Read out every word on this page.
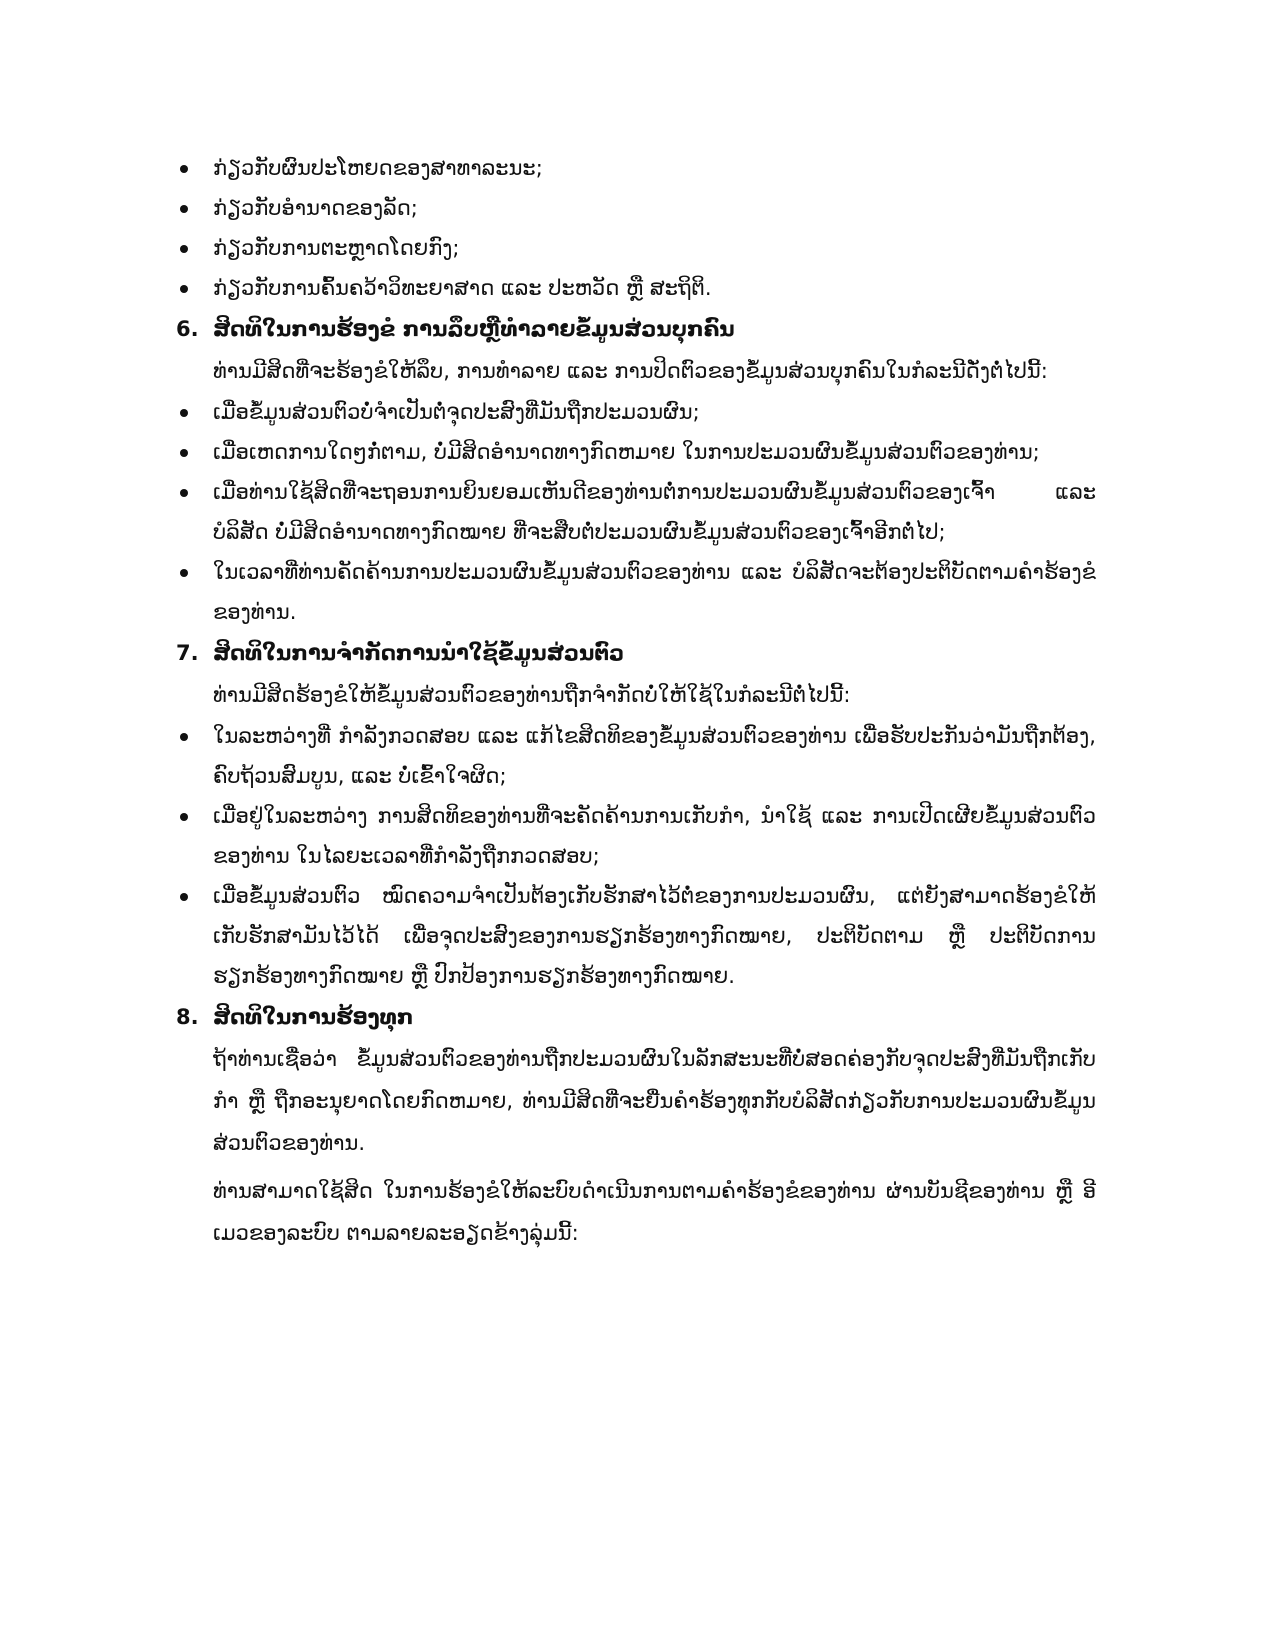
ກ່ຽວກັບຜົນປະໂຫຍດຂອງສາທາລະນະ;

ກ່ຽວກັບອຳນາດຂອງລັດ;

ກ່ຽວກັບການຕະຫຼາດໂດຍກົງ;

ກ່ຽວກັບການຄົ້ນຄວ້າວິທະຍາສາດ ແລະ ປະຫວັດ ຫຼື ສະຖິຕິ.

6. ສິດທິໃນການຮ້ອງຂໍ ການລຶບຫຼືທຳລາຍຂໍ້ມູນສ່ວນບຸກຄົນ

ທ່ານມີສິດທີ່ຈະຮ້ອງຂໍໃຫ້ລຶບ, ການທຳລາຍ ແລະ ການປິດຕົວຂອງຂໍ້ມູນສ່ວນບຸກຄົນໃນກໍລະນີດັ່ງຕໍ່ໄປນີ້:

ເມື່ອຂໍ້ມູນສ່ວນຕົວບໍ່ຈຳເປັນຕໍ່ຈຸດປະສົງທີ່ມັນຖືກປະມວນຜົນ;

ເມື່ອເຫດການໃດໆກໍ່ຕາມ, ບໍ່ມີສິດອຳນາດທາງກົດຫມາຍ ໃນການປະມວນຜົນຂໍ້ມູນສ່ວນຕົວຂອງທ່ານ;

ເມື່ອທ່ານໃຊ້ສິດທີ່ຈະຖອນການຍິນຍອມເຫັນດີຂອງທ່ານຕໍ່ການປະມວນຜົນຂໍ້ມູນສ່ວນຕົວຂອງເຈົ້າ ແລະ ບໍລິສັດ ບໍ່ມີສິດອຳນາດທາງກົດໝາຍ ທີ່ຈະສືບຕໍ່ປະມວນຜົນຂໍ້ມູນສ່ວນຕົວຂອງເຈົ້າອີກຕໍ່ໄປ;

ໃນເວລາທີ່ທ່ານຄັດຄ້ານການປະມວນຜົນຂໍ້ມູນສ່ວນຕົວຂອງທ່ານ ແລະ ບໍລິສັດຈະຕ້ອງປະຕິບັດຕາມຄຳຮ້ອງຂໍຂອງທ່ານ.

7. ສິດທິໃນການຈຳກັດການນຳໃຊ້ຂໍ້ມູນສ່ວນຕົວ

ທ່ານມີສິດຮ້ອງຂໍໃຫ້ຂໍ້ມູນສ່ວນຕົວຂອງທ່ານຖືກຈຳກັດບໍ່ໃຫ້ໃຊ້ໃນກໍລະນີຕໍ່ໄປນີ້:

ໃນລະຫວ່າງທີ່ ກຳລັງກວດສອບ ແລະ ແກ້ໄຂສິດທິຂອງຂໍ້ມູນສ່ວນຕົວຂອງທ່ານ ເພື່ອຮັບປະກັນວ່າມັນຖືກຕ້ອງ, ຄົບຖ້ວນສົມບູນ, ແລະ ບໍ່ເຂົ້າໃຈຜິດ;

ເມື່ອຢູ່ໃນລະຫວ່າງ ການສິດທິຂອງທ່ານທີ່ຈະຄັດຄ້ານການເກັບກຳ, ນຳໃຊ້ ແລະ ການເປີດເຜີຍຂໍ້ມູນສ່ວນຕົວຂອງທ່ານ ໃນໄລຍະເວລາທີ່ກຳລັງຖືກກວດສອບ;

ເມື່ອຂໍ້ມູນສ່ວນຕົວ ໝົດຄວາມຈຳເປັນຕ້ອງເກັບຮັກສາໄວ້ຕໍ່ຂອງການປະມວນຜົນ, ແຕ່ຍັງສາມາດຮ້ອງຂໍໃຫ້ເກັບຮັກສາມັນໄວ້ໄດ້ ເພື່ອຈຸດປະສົງຂອງການຮຽກຮ້ອງທາງກົດໝາຍ, ປະຕິບັດຕາມ ຫຼື ປະຕິບັດການຮຽກຮ້ອງທາງກົດໝາຍ ຫຼື ປົກປ້ອງການຮຽກຮ້ອງທາງກົດໝາຍ.

8. ສິດທິໃນການຮ້ອງທຸກ

ຖ້າທ່ານເຊື່ອວ່າ ຂໍ້ມູນສ່ວນຕົວຂອງທ່ານຖືກປະມວນຜົນໃນລັກສະນະທີ່ບໍ່ສອດຄ່ອງກັບຈຸດປະສົງທີ່ມັນຖືກເກັບກຳ ຫຼື ຖືກອະນຸຍາດໂດຍກົດຫມາຍ, ທ່ານມີສິດທີ່ຈະຍື່ນຄຳຮ້ອງທຸກກັບບໍລິສັດກ່ຽວກັບການປະມວນຜົນຂໍ້ມູນສ່ວນຕົວຂອງທ່ານ.

ທ່ານສາມາດໃຊ້ສິດ ໃນການຮ້ອງຂໍໃຫ້ລະບົບດຳເນີນການຕາມຄຳຮ້ອງຂໍຂອງທ່ານ ຜ່ານບັນຊີຂອງທ່ານ ຫຼື ອີເມວຂອງລະບົບ ຕາມລາຍລະອຽດຂ້າງລຸ່ມນີ້:
